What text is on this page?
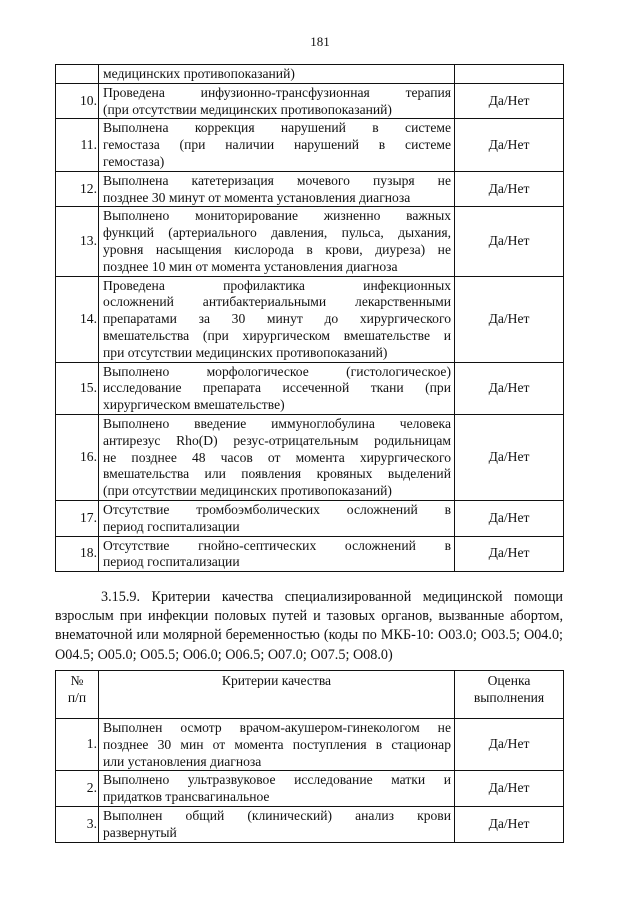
181

	медицинских противопоказаний)	

10.	Проведена инфузионно-трансфузионная терапия
(при отсутствии медицинских противопоказаний)	Да/Нет
11.	Выполнена коррекция нарушений в системе
гемостаза (при наличии нарушений в системе
гемостаза)	Да/Нет
12.	Выполнена катетеризация мочевого пузыря не
позднее 30 минут от момента установления диагноза	Да/Нет
13.	Выполнено мониторирование жизненно важных
функций (артериального давления, пульса, дыхания,
уровня насыщения кислорода в крови, диуреза) не
позднее 10 мин от момента установления диагноза	Да/Нет
14.	Проведена профилактика инфекционных
осложнений антибактериальными лекарственными
препаратами за 30 минут до хирургического
вмешательства (при хирургическом вмешательстве и
при отсутствии медицинских противопоказаний)	Да/Нет
15.	Выполнено морфологическое (гистологическое)
исследование препарата иссеченной ткани (при
хирургическом вмешательстве)	Да/Нет
16.	Выполнено введение иммуноглобулина человека
антирезус Rho(D) резус-отрицательным родильницам
не позднее 48 часов от момента хирургического
вмешательства или появления кровяных выделений
(при отсутствии медицинских противопоказаний)	Да/Нет
17.	Отсутствие тромбоэмболических осложнений в
период госпитализации	Да/Нет
18.	Отсутствие гнойно-септических осложнений в
период госпитализации	Да/Нет
3.15.9. Критерии качества специализированной медицинской помощи взрослым при инфекции половых путей и тазовых органов, вызванные абортом, внематочной или молярной беременностью (коды по МКБ-10: O03.0; O03.5; O04.0; O04.5; O05.0; O05.5; O06.0; O06.5; O07.0; O07.5; O08.0)
№
п/п	Критерии качества	Оценка
выполнения

1.	Выполнен осмотр врачом-акушером-гинекологом не
позднее 30 мин от момента поступления в стационар
или установления диагноза	Да/Нет
2.	Выполнено ультразвуковое исследование матки и
придатков трансвагинальное	Да/Нет
3.	Выполнен общий (клинический) анализ крови
развернутый	Да/Нет
